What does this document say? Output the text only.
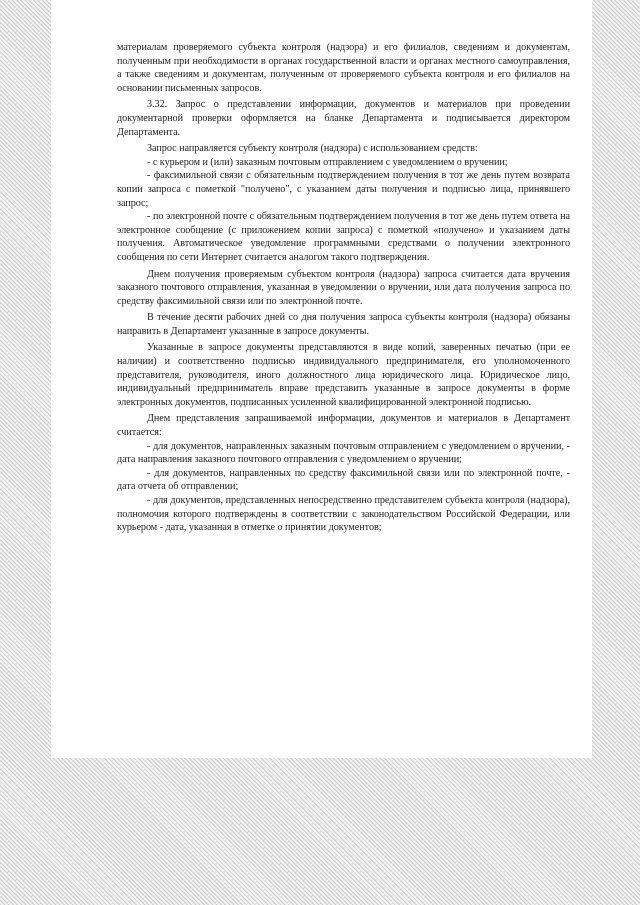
материалам проверяемого субъекта контроля (надзора) и его филиалов, сведениям и документам, полученным при необходимости в органах государственной власти и органах местного самоуправления, а также сведениям и документам, полученным от проверяемого субъекта контроля и его филиалов на основании письменных запросов.

3.32. Запрос о представлении информации, документов и материалов при проведении документарной проверки оформляется на бланке Департамента и подписывается директором Департамента.

Запрос направляется субъекту контроля (надзора) с использованием средств:

- с курьером и (или) заказным почтовым отправлением с уведомлением о вручении;

- факсимильной связи с обязательным подтверждением получения в тот же день путем возврата копии запроса с пометкой "получено", с указанием даты получения и подписью лица, принявшего запрос;

- по электронной почте с обязательным подтверждением получения в тот же день путем ответа на электронное сообщение (с приложением копии запроса) с пометкой «получено» и указанием даты получения. Автоматическое уведомление программными средствами о получении электронного сообщения по сети Интернет считается аналогом такого подтверждения.

Днем получения проверяемым субъектом контроля (надзора) запроса считается дата вручения заказного почтового отправления, указанная в уведомлении о вручении, или дата получения запроса по средству факсимильной связи или по электронной почте.

В течение десяти рабочих дней со дня получения запроса субъекты контроля (надзора) обязаны направить в Департамент указанные в запросе документы.

Указанные в запросе документы представляются в виде копий, заверенных печатью (при ее наличии) и соответственно подписью индивидуального предпринимателя, его уполномоченного представителя, руководителя, иного должностного лица юридического лица. Юридическое лицо, индивидуальный предприниматель вправе представить указанные в запросе документы в форме электронных документов, подписанных усиленной квалифицированной электронной подписью.

Днем представления запрашиваемой информации, документов и материалов в Департамент считается:

- для документов, направленных заказным почтовым отправлением с уведомлением о вручении, - дата направления заказного почтового отправления с уведомлением о вручении;

- для документов, направленных по средству факсимильной связи или по электронной почте, - дата отчета об отправлении;

- для документов, представленных непосредственно представителем субъекта контроля (надзора), полномочия которого подтверждены в соответствии с законодательством Российской Федерации, или курьером - дата, указанная в отметке о принятии документов;
